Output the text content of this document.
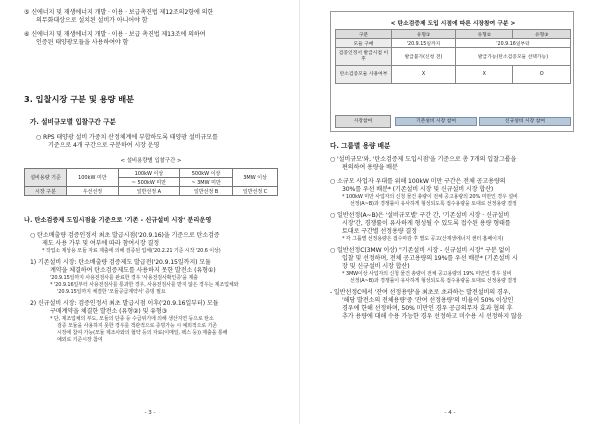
⑤ 신에너지 및 재생에너지 개발 · 이용 · 보급촉진법 제12조의2항에 의한
의무화대상으로 설치된 설비가 아니어야 함
⑥ 신에너지 및 재생에너지 개발 · 이용 · 보급 촉진법 제13조에 의하여
인증된 태양광모듈을 사용하여야 함
3. 입찰시장 구분 및 용량 배분
가. 설비규모별 입찰구간 구분
○ RPS 태양광 설비 가중치 산정체계에 부합하도록 태양광 설비규모를
기준으로 4개 구간으로 구분하여 시장 운영
< 설비용량별 입찰구간 >
설비용량 기준	100kW 미만	100kW 이상	500kW 이상	3MW 이상
		~ 500kW 미만	~ 3MW 미만	
시장 구분	우선선정	일반선정 A	일반선정 B	일반선정 C
나. 탄소검증제 도입시점을 기준으로 '기존 - 신규설비 시장' 분리운영
○ 탄소배출량 검증인정서 최초 발급시점('20.9.16)을 기준으로 탄소검증
제도 사용 가부 및 여부에 따라 참여시장 결정
* 작업소 제상용 모듈 자료 제출에 의해 검증된 업체('20.2.21 기준 시작 '20.6 이상)
1) 기존설비 시장: 탄소배출량 검증제도 발급전('20.9.15일까지) 모듈
계약을 체결하여 탄소검증제도를 사용하지 못한 발전소 (유형①)
'20.9.15일까지 사용전검사를 완료한 경우 '사용전검사확인증'을 제출
* '20.9.16일부터 사용전검사를 통과한 경우, 사용전검사를 받지 않은 경우는 제조업체와
'20.9.15일까지 체결한 '모듈공급계약서' 증빙 필요
2) 신규설비 시장: 검증인정서 최초 발급시점 이후('20.9.16일부터) 모듈
구매계약을 체결한 발전소 (유형②) 및 유형③
* 단, 제조업체의 부도, 모듈의 단종 등 수급위기에 의해 생산지연 등으로 탄소
검증 모듈을 사용하지 못한 경우를 객관적으로 증빙가능 시 예외적으로 기존
시장에 참여 가능(모듈 제조사와의 협약 등의 자료(이메일, 팩스 등)) 제출을 통해
예외로 기준시장 참여
- 3 -
< 탄소검증제 도입 시점에 따른 시장참여 구분 >
구분	유형①	유형②	유형③
모듈 구매	'20.9.15일까지	'20.9.16일부터	
검증인정서 발급시점 이후	발급불가(신청 전)	발급가능(탄소검증모듈 선택가능)	
탄소검증모듈 사용여부	X	X	O
시장참여	기존설비 시장 참여	신규설비 시장 참여
다. 그룹별 용량 배분
○ '설비규모'와, '탄소검증제 도입시점'을 기준으로 총 7개의 입찰그룹을
편의하여 용량을 배분
○ 소규모 사업자 우대를 위해 100kW 미만 구간은 전체 공고용량의
30%를 우선 배분* (기존설비 시장 및 신규설비 시장 합산)
* 100kW 미만 사업자의 신청 물건 총량이 전체 공고용량의 20% 미만인 경우 설비
선정(A~B)과 경쟁률이 유사하게 형성되도록 접수용량을 토대로 선정용량 결정
○ 일반선정(A~B)은 '설비규모별' 구간 간, '기존설비 시장 · 신규설비
시장'간, 경쟁률이 유사하게 형성될 수 있도록 접수된 용량 형태를
토대로 구간별 선정용량 결정
* 각 그룹별 선정용량은 접수마감 후 별도 공고(산재생에너지 센터 홈페이지)
○ 일반선정C(3MW 이상) "기존설비 시장 - 신규설비 시장" 구분 없이
입찰 및 선정하며, 전체 공고용량의 19%를 우선 배분* (기존설비 시
장 및 신규설비 시장 합산)
* 3MW이상 사업자의 신청 물건 총량이 전체 공고용량의 19% 미만인 경우 설비
선정(A~B)과 경쟁률이 유사하게 형성되도록 접수용량을 토대로 선정용량 결정
- 일반선정C에서 '잔여 선정용량'을 최초로 초과하는 발전설비의 경우,
'해당 발전소의 전체용량'중 '잔여 선정용량'의 비율이 50% 이상인
경우에 한해 선정하며, 50% 미만인 경우 공급의무자 효과 협의 후
추가 용량에 대해 수용 가능한 경우 선정하고 미수용 시 선정하지 않음
- 4 -
